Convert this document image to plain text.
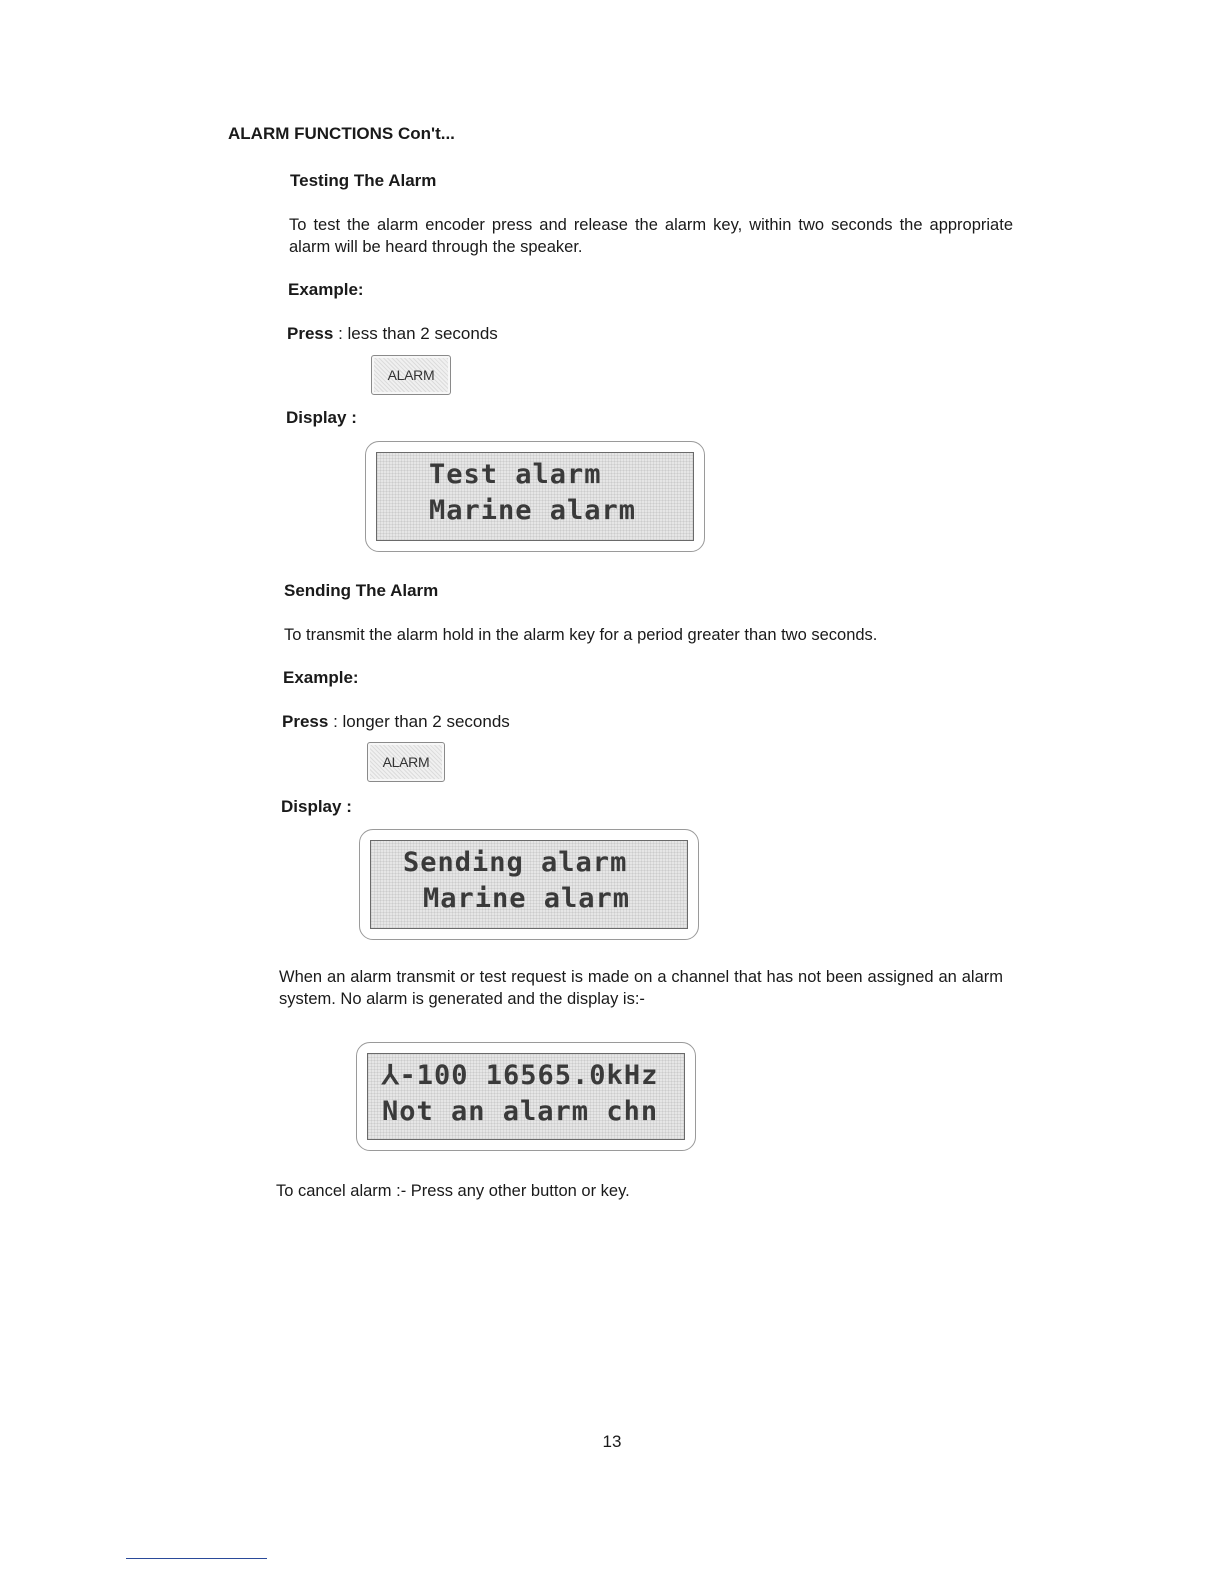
ALARM FUNCTIONS Con't...
Testing The Alarm
To test the alarm encoder press and release the alarm key, within two seconds the appropriate alarm will be heard through the speaker.
Example:
Press : less than 2 seconds
ALARM
Display :
Test alarm
Marine alarm
Sending The Alarm
To transmit the alarm hold in the alarm key for a period greater than two seconds.
Example:
Press : longer than 2 seconds
ALARM
Display :
Sending alarm
Marine alarm
When an alarm transmit or test request is made on a channel that has not been assigned an alarm system. No alarm is generated and the display is:-
⅄-100 16565.0kHz
Not an alarm chn
To cancel alarm :- Press any other button or key.
13
